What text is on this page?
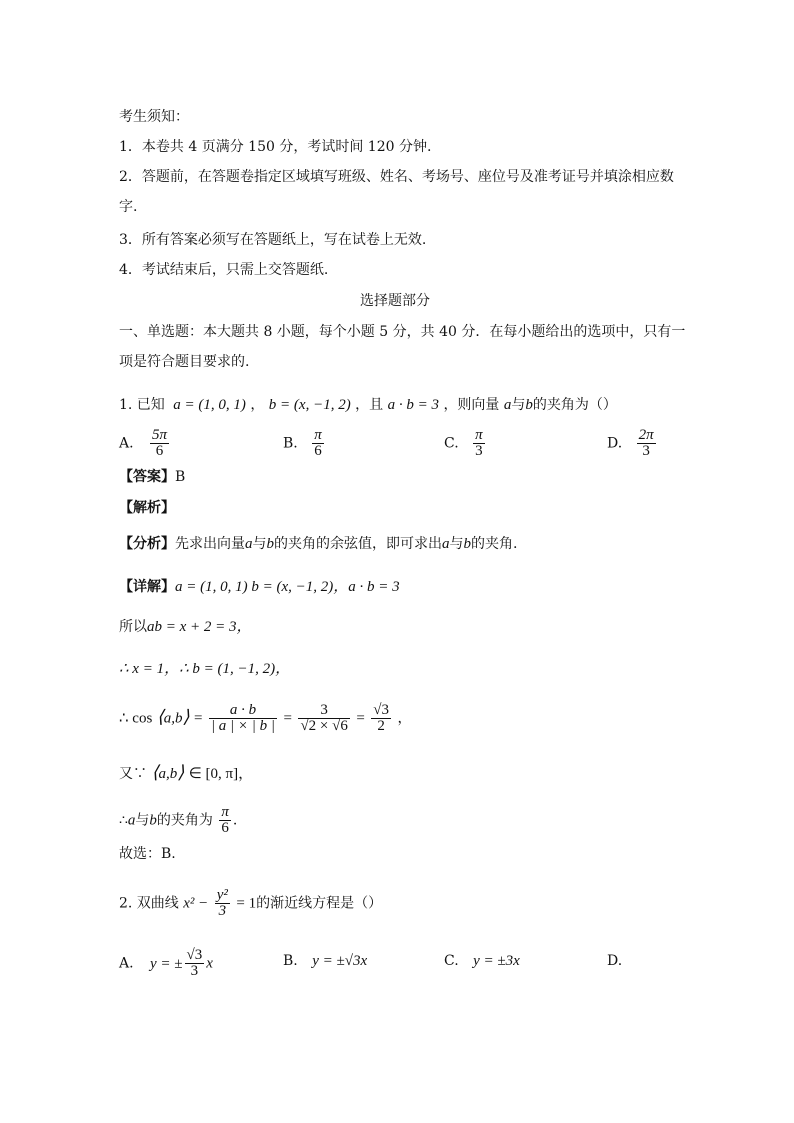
考生须知：
1．本卷共 4 页满分 150 分，考试时间 120 分钟.
2．答题前，在答题卷指定区域填写班级、姓名、考场号、座位号及准考证号并填涂相应数
字.
3．所有答案必须写在答题纸上，写在试卷上无效.
4．考试结束后，只需上交答题纸.
选择题部分
一、单选题：本大题共 8 小题，每个小题 5 分，共 40 分．在每小题给出的选项中，只有一
项是符合题目要求的.
1. 已知 a = (1, 0, 1) ， b = (x, −1, 2) ，且 a · b = 3 ，则向量 a与b的夹角为（）
A. $\frac{5\pi}{6}$	B. $\frac{\pi}{6}$	C. $\frac{\pi}{3}$	D. $\frac{2\pi}{3}$
【答案】B
【解析】
【分析】先求出向量a与b的夹角的余弦值，即可求出a与b的夹角.
【详解】a = (1, 0, 1) b = (x, −1, 2)，a · b = 3
所以ab = x + 2 = 3，
∴ x = 1，∴ b = (1, −1, 2)，
∴ cos ⟨a,b⟩ = $\frac{a \cdot b}{| a | \times | b |} = \frac{3}{√2 \times √6} = \frac{√3}{2}$ ，
又∵ ⟨a,b⟩ ∈ [0, π]，
∴a与b的夹角为 $\frac{\pi}{6}$ .
故选：B.
2. 双曲线 $x^2 - \frac{\text{y²}}{3} = 1$的渐近线方程是（）
A. y = ± $\frac{√3}{3}$ x	B. y = ±√3x	C. y = ±3x	D.
